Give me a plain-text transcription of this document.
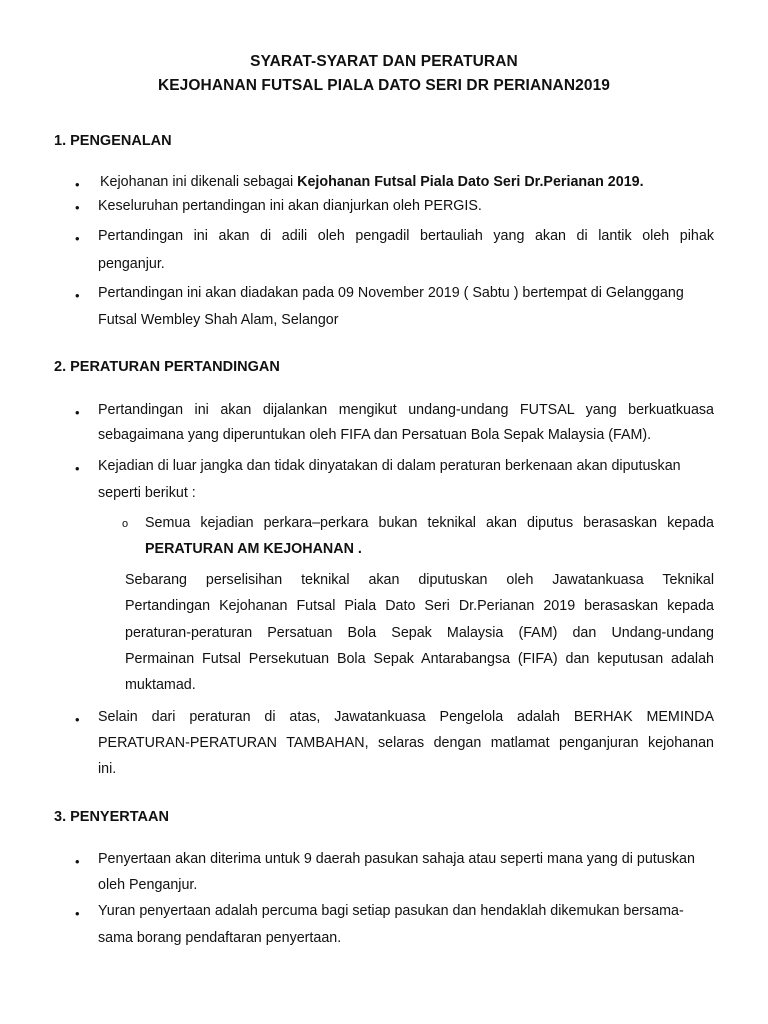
SYARAT-SYARAT DAN PERATURAN
KEJOHANAN FUTSAL PIALA DATO SERI DR PERIANAN2019
1. PENGENALAN
• Kejohanan ini dikenali sebagai Kejohanan Futsal Piala Dato Seri Dr.Perianan 2019.
• Keseluruhan pertandingan ini akan dianjurkan oleh PERGIS.
• Pertandingan ini akan di adili oleh pengadil bertauliah yang akan di lantik oleh pihak
penganjur.
• Pertandingan ini akan diadakan pada 09 November 2019 ( Sabtu ) bertempat di Gelanggang
Futsal Wembley Shah Alam, Selangor
2. PERATURAN PERTANDINGAN
• Pertandingan ini akan dijalankan mengikut undang-undang FUTSAL yang berkuatkuasa
sebagaimana yang diperuntukan oleh FIFA dan Persatuan Bola Sepak Malaysia (FAM).
• Kejadian di luar jangka dan tidak dinyatakan di dalam peraturan berkenaan akan diputuskan
seperti berikut :
o Semua kejadian perkara–perkara bukan teknikal akan diputus berasaskan kepada
PERATURAN AM KEJOHANAN .
Sebarang perselisihan teknikal akan diputuskan oleh Jawatankuasa Teknikal
Pertandingan Kejohanan Futsal Piala Dato Seri Dr.Perianan 2019 berasaskan kepada
peraturan-peraturan Persatuan Bola Sepak Malaysia (FAM) dan Undang-undang
Permainan Futsal Persekutuan Bola Sepak Antarabangsa (FIFA) dan keputusan adalah
muktamad.
• Selain dari peraturan di atas, Jawatankuasa Pengelola adalah BERHAK MEMINDA
PERATURAN-PERATURAN TAMBAHAN, selaras dengan matlamat penganjuran kejohanan
ini.
3. PENYERTAAN
• Penyertaan akan diterima untuk 9 daerah pasukan sahaja atau seperti mana yang di putuskan
oleh Penganjur.
• Yuran penyertaan adalah percuma bagi setiap pasukan dan hendaklah dikemukan bersama-
sama borang pendaftaran penyertaan.
